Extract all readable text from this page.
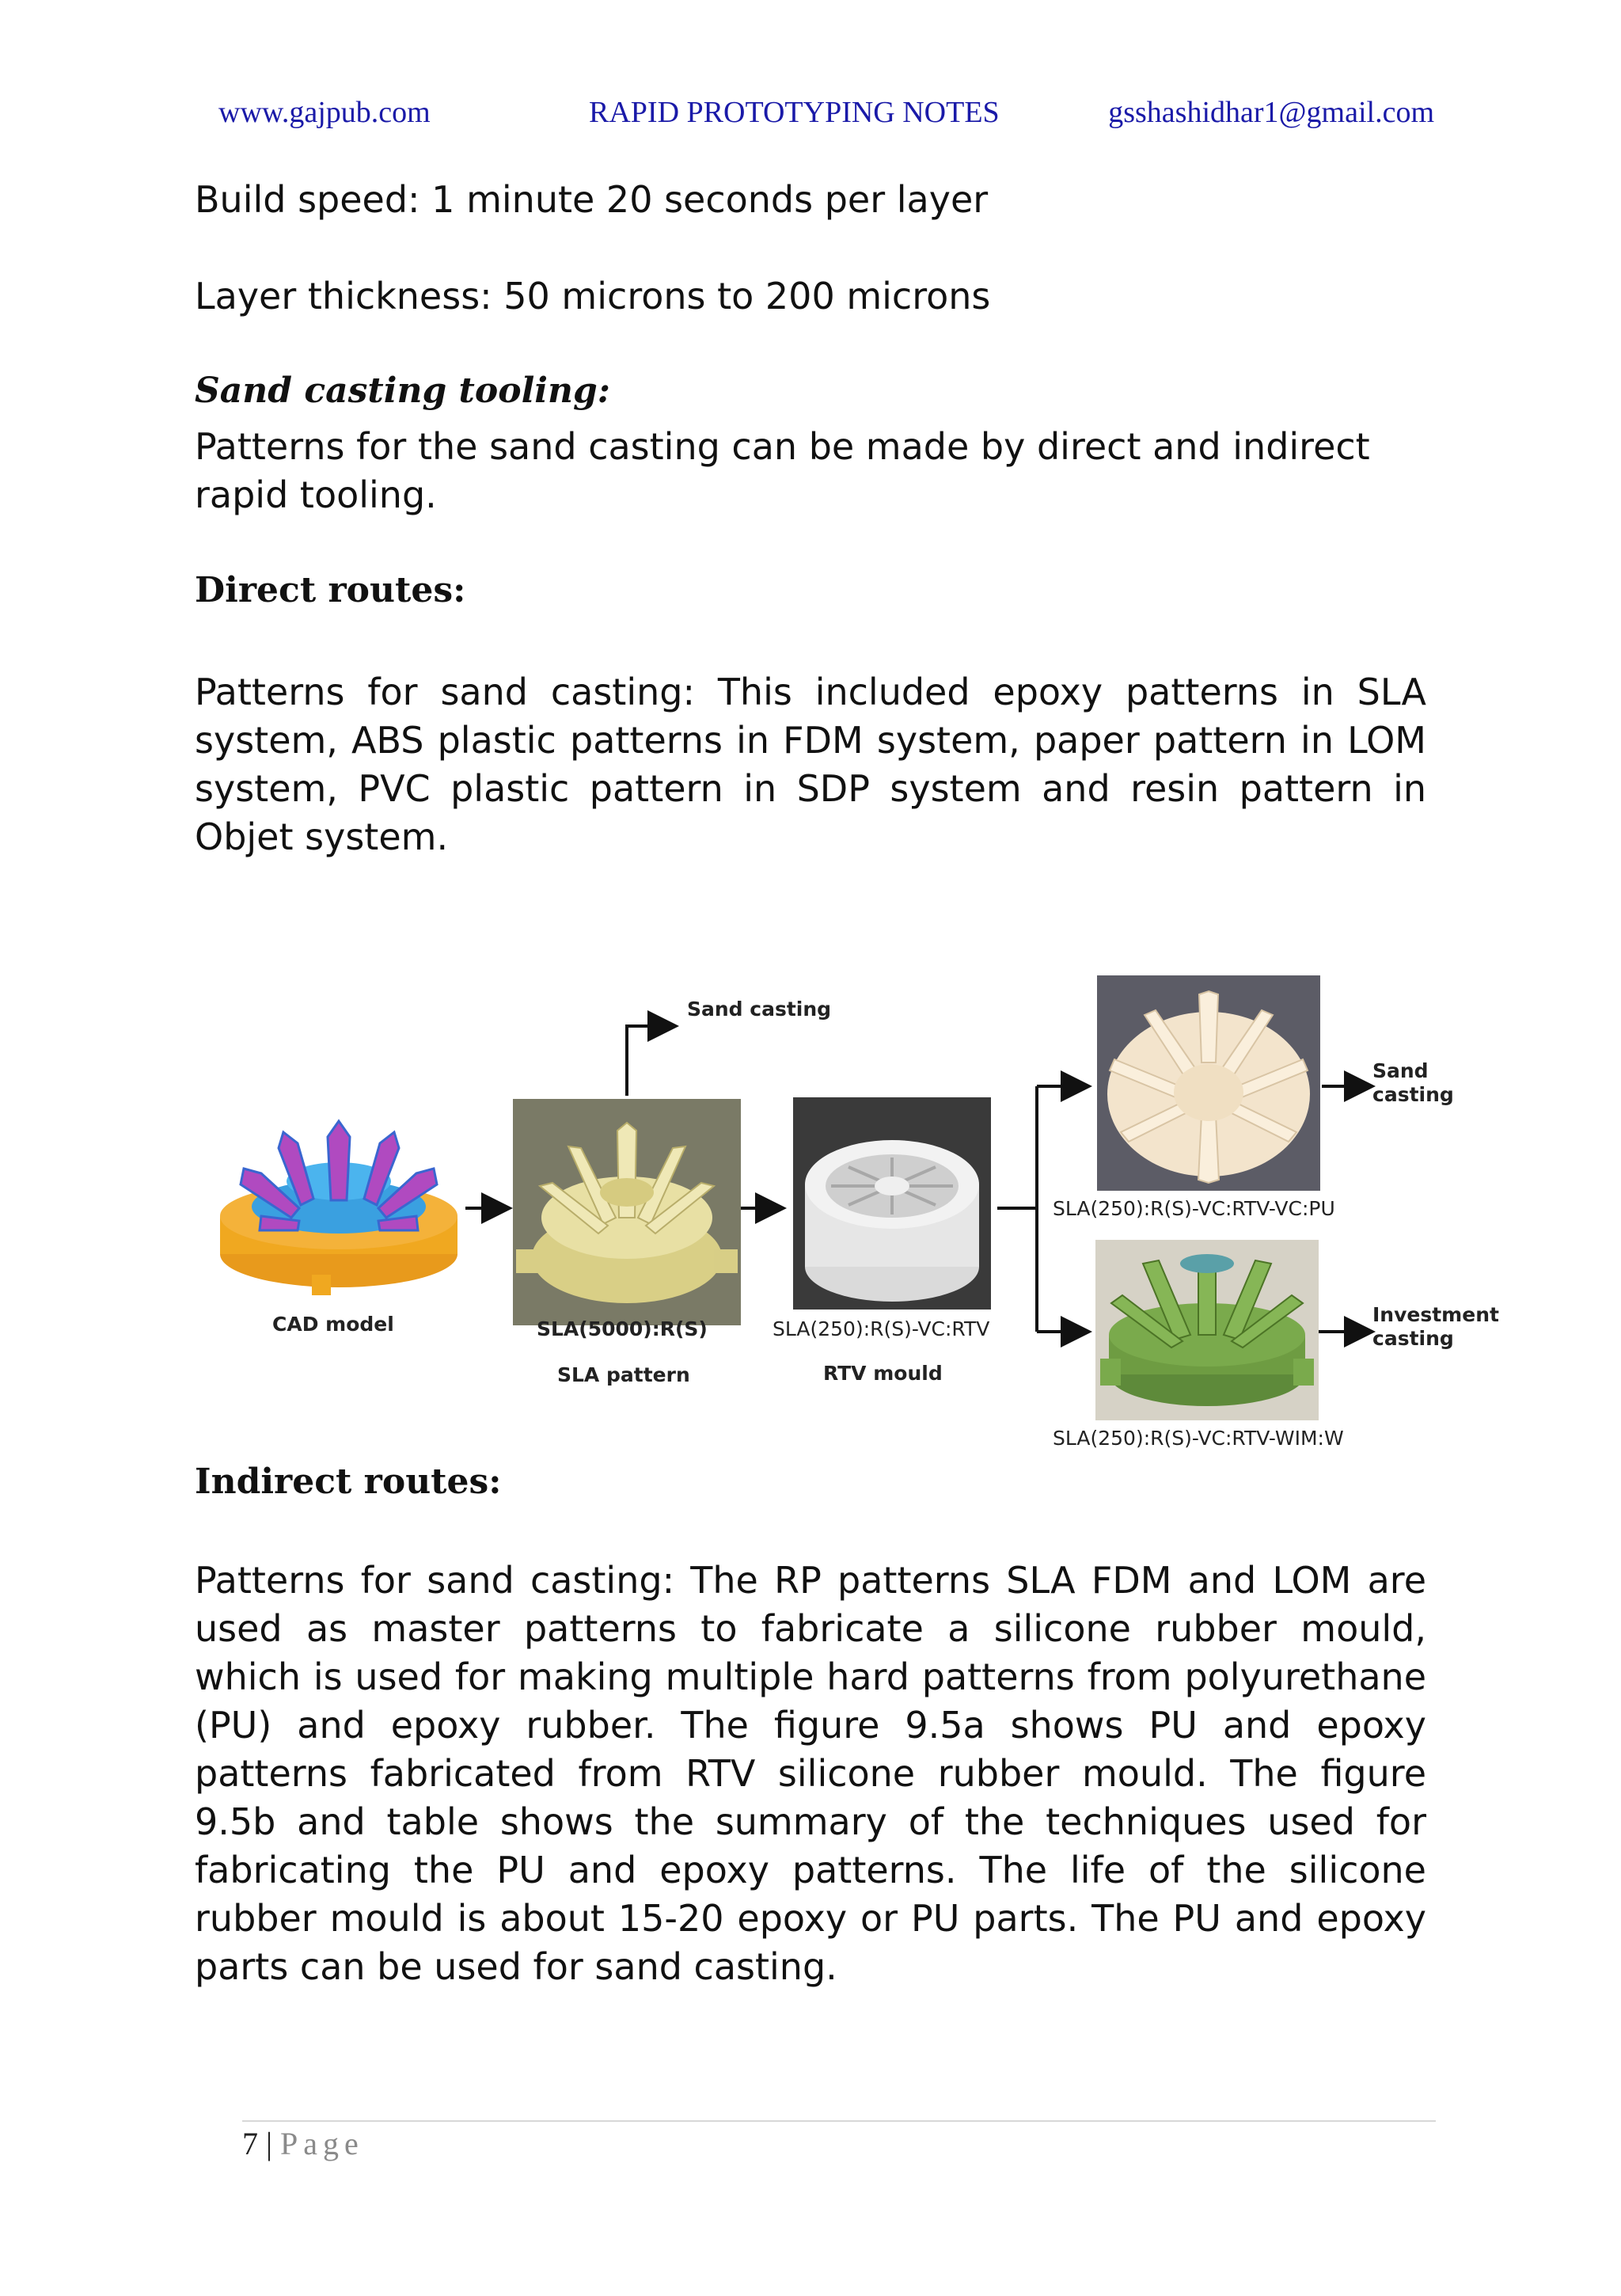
www.gajpub.com	RAPID PROTOTYPING NOTES	gsshashidhar1@gmail.com

Build speed: 1 minute 20 seconds per layer

Layer thickness: 50 microns to 200 microns

Sand casting tooling:

Patterns for the sand casting can be made by direct and indirect rapid tooling.

Direct routes:

Patterns for sand casting: This included epoxy patterns in SLA system, ABS plastic patterns in FDM system, paper pattern in LOM system, PVC plastic pattern in SDP system and resin pattern in Objet system.

Sand casting
Sand casting
SLA(250):R(S)-VC:RTV-VC:PU
Investment casting
SLA(250):R(S)-VC:RTV-WIM:W
CAD model	SLA(5000):R(S)
SLA pattern
SLA(250):R(S)-VC:RTV
RTV mould
Indirect routes:

Patterns for sand casting: The RP patterns SLA FDM and LOM are used as master patterns to fabricate a silicone rubber mould, which is used for making multiple hard patterns from polyurethane (PU) and epoxy rubber. The figure 9.5a shows PU and epoxy patterns fabricated from RTV silicone rubber mould. The figure 9.5b and table shows the summary of the techniques used for fabricating the PU and epoxy patterns. The life of the silicone rubber mould is about 15-20 epoxy or PU parts. The PU and epoxy parts can be used for sand casting.

7 | Page
